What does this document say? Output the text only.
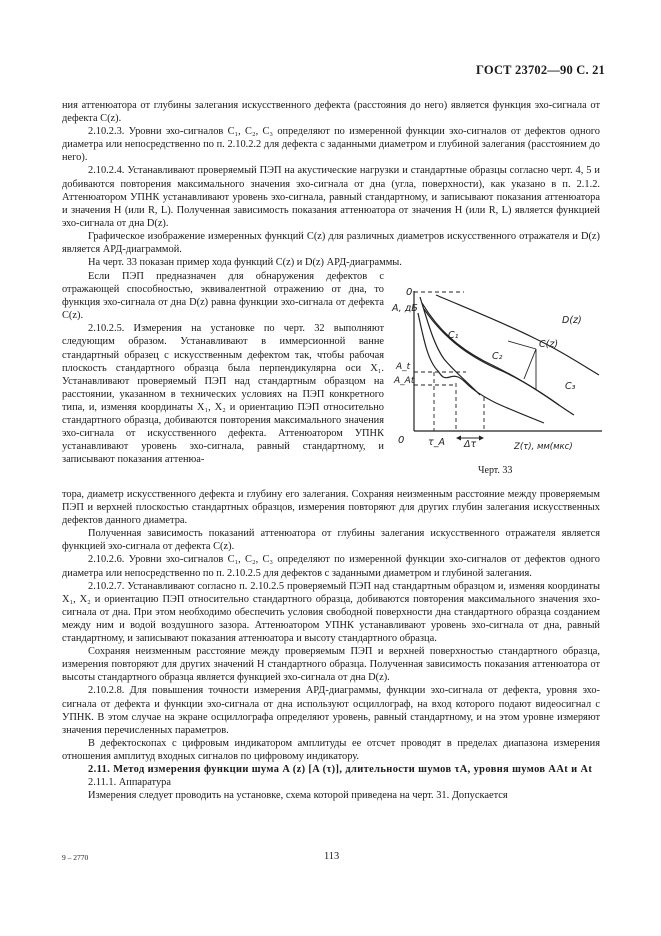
ГОСТ 23702—90 С. 21

ния аттенюатора от глубины залегания искусственного дефекта (расстояния до него) является функция эхо-сигнала от дефекта C(z).

2.10.2.3. Уровни эхо-сигналов C₁, C₂, C₃ определяют по измеренной функции эхо-сигналов от дефектов одного диаметра или непосредственно по п. 2.10.2.2 для дефекта с заданными диаметром и глубиной залегания (расстоянием до него).

2.10.2.4. Устанавливают проверяемый ПЭП на акустические нагрузки и стандартные образцы согласно черт. 4, 5 и добиваются повторения максимального значения эхо-сигнала от дна (угла, поверхности), как указано в п. 2.1.2. Аттенюатором УПНК устанавливают уровень эхо-сигнала, равный стандартному, и записывают показания аттенюатора и значения H (или R, L). Полученная зависимость показания аттенюатора от значения H (или R, L) является функцией эхо-сигнала от дна D(z).

Графическое изображение измеренных функций C(z) для различных диаметров искусственного отражателя и D(z) является АРД-диаграммой.

На черт. 33 показан пример хода функций C(z) и D(z) АРД-диаграммы.

Если ПЭП предназначен для обнаружения дефектов с отражающей способностью, эквивалентной отражению от дна, то функция эхо-сигнала от дна D(z) равна функции эхо-сигнала от дефекта C(z).

2.10.2.5. Измерения на установке по черт. 32 выполняют следующим образом. Устанавливают в иммерсионной ванне стандартный образец с искусственным дефектом так, чтобы рабочая плоскость стандартного образца была перпендикулярна оси X₁. Устанавливают проверяемый ПЭП над стандартным образцом на расстоянии, указанном в технических условиях на ПЭП конкретного типа, и, изменяя координаты X₁, X₂ и ориентацию ПЭП относительно стандартного образца, добиваются повторения максимального значения эхо-сигнала от искусственного дефекта. Аттенюатором УПНК устанавливают уровень эхо-сигнала, равный стандартному, и записывают показания аттенюа-

0
A, дБ
A_t
A_Аt
C₁
C₂
C₃
C(z)
D(z)
0 τ_A Δτ	Z(τ), мм(мкс)
Черт. 33

тора, диаметр искусственного дефекта и глубину его залегания. Сохраняя неизменным расстояние между проверяемым ПЭП и верхней плоскостью стандартных образцов, измерения повторяют для других глубин залегания искусственных дефектов данного диаметра.

Полученная зависимость показаний аттенюатора от глубины залегания искусственного отражателя является функцией эхо-сигнала от дефекта C(z).

2.10.2.6. Уровни эхо-сигналов C₁, C₂, C₃ определяют по измеренной функции эхо-сигналов от дефектов одного диаметра или непосредственно по п. 2.10.2.5 для дефектов с заданными диаметром и глубиной залегания.

2.10.2.7. Устанавливают согласно п. 2.10.2.5 проверяемый ПЭП над стандартным образцом и, изменяя координаты X₁, X₂ и ориентацию ПЭП относительно стандартного образца, добиваются повторения максимального значения эхо-сигнала от дна. При этом необходимо обеспечить условия свободной поверхности дна стандартного образца созданием между ним и водой воздушного зазора. Аттенюатором УПНК устанавливают уровень эхо-сигнала от дна, равный стандартному, и записывают показания аттенюатора и высоту стандартного образца.

Сохраняя неизменным расстояние между проверяемым ПЭП и верхней поверхностью стандартного образца, измерения повторяют для других значений H стандартного образца. Полученная зависимость показания аттенюатора от высоты стандартного образца является функцией эхо-сигнала от дна D(z).

2.10.2.8. Для повышения точности измерения АРД-диаграммы, функции эхо-сигнала от дефекта, уровня эхо-сигнала от дефекта и функции эхо-сигнала от дна используют осциллограф, на вход которого подают видеосигнал с УПНК. В этом случае на экране осциллографа определяют уровень, равный стандартному, и на этом уровне измеряют значения перечисленных параметров.

В дефектоскопах с цифровым индикатором амплитуды ее отсчет проводят в пределах диапазона измерения отношения амплитуд входных сигналов по цифровому индикатору.

2.11. Метод измерения функции шума A (z) [A (τ)], длительности шумов τA, уровня шумов AAt и At

2.11.1. Аппаратура

Измерения следует проводить на установке, схема которой приведена на черт. 31. Допускается

9 – 2770	113
